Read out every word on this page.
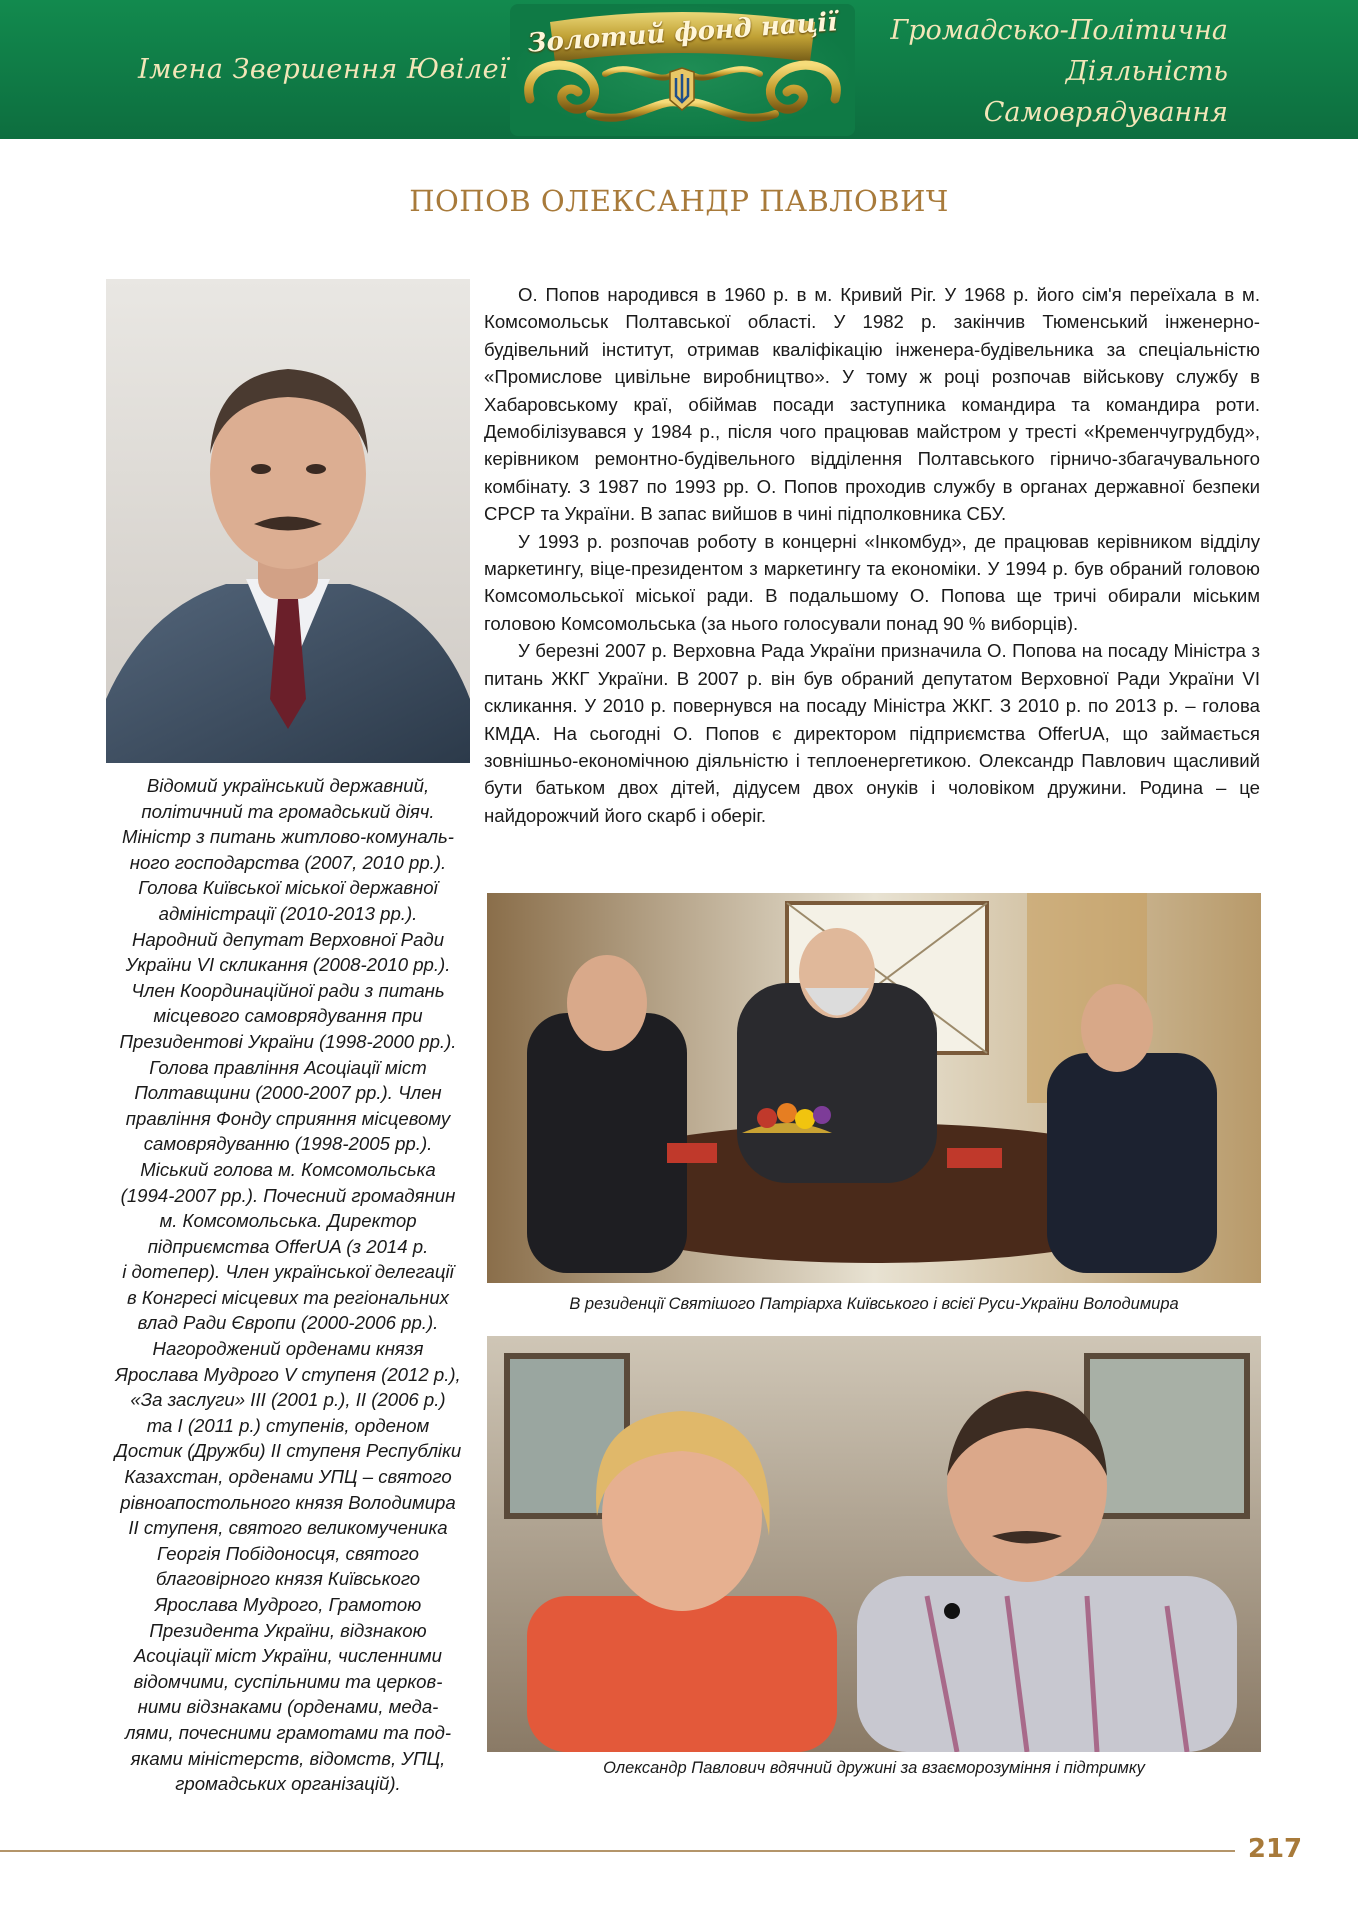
Імена Звершення Ювілеї
Золотий фонд нації	Громадсько-Політична
Діяльність
Самоврядування
ПОПОВ ОЛЕКСАНДР ПАВЛОВИЧ
Відомий український державний,
політичний та громадський діяч.
Міністр з питань житлово-комуналь-
ного господарства (2007, 2010 рр.).
Голова Київської міської державної
адміністрації (2010-2013 рр.).
Народний депутат Верховної Ради
України VI скликання (2008-2010 рр.).
Член Координаційної ради з питань
місцевого самоврядування при
Президентові України (1998-2000 рр.).
Голова правління Асоціації міст
Полтавщини (2000-2007 рр.). Член
правління Фонду сприяння місцевому
самоврядуванню (1998-2005 рр.).
Міський голова м. Комсомольська
(1994-2007 рр.). Почесний громадянин
м. Комсомольська. Директор
підприємства OfferUA (з 2014 р.
і дотепер). Член української делегації
в Конгресі місцевих та регіональних
влад Ради Європи (2000-2006 рр.).
Нагороджений орденами князя
Ярослава Мудрого V ступеня (2012 р.),
«За заслуги» III (2001 р.), II (2006 р.)
та I (2011 р.) ступенів, орденом
Достик (Дружби) II ступеня Республіки
Казахстан, орденами УПЦ – святого
рівноапостольного князя Володимира
II ступеня, святого великомученика
Георгія Побідоносця, святого
благовірного князя Київського
Ярослава Мудрого, Грамотою
Президента України, відзнакою
Асоціації міст України, численними
відомчими, суспільними та церков-
ними відзнаками (орденами, меда-
лями, почесними грамотами та под-
яками міністерств, відомств, УПЦ,
громадських організацій).

О. Попов народився в 1960 р. в м. Кривий Ріг. У 1968 р. його сім'я переїхала в м. Комсомольськ Полтавської області. У 1982 р. закінчив Тюменський інженерно-будівельний інститут, отримав кваліфікацію інженера-будівельника за спеціальністю «Промислове цивільне виробництво». У тому ж році розпочав військову службу в Хабаровському краї, обіймав посади заступника командира та командира роти. Демобілізувався у 1984 р., після чого працював майстром у тресті «Кременчугрудбуд», керівником ремонтно-будівельного відділення Полтавського гірничо-збагачувального комбінату. З 1987 по 1993 рр. О. Попов проходив службу в органах державної безпеки СРСР та України. В запас вийшов в чині підполковника СБУ.

У 1993 р. розпочав роботу в концерні «Інкомбуд», де працював керівником відділу маркетингу, віце-президентом з маркетингу та економіки. У 1994 р. був обраний головою Комсомольської міської ради. В подальшому О. Попова ще тричі обирали міським головою Комсомольська (за нього голосували понад 90 % виборців).

У березні 2007 р. Верховна Рада України призначила О. Попова на посаду Міністра з питань ЖКГ України. В 2007 р. він був обраний депутатом Верховної Ради України VI скликання. У 2010 р. повернувся на посаду Міністра ЖКГ. З 2010 р. по 2013 р. – голова КМДА. На сьогодні О. Попов є директором підприємства OfferUA, що займається зовнішньо-економічною діяльністю і теплоенергетикою. Олександр Павлович щасливий бути батьком двох дітей, дідусем двох онуків і чоловіком дружини. Родина – це найдорожчий його скарб і оберіг.

В резиденції Святішого Патріарха Київського і всієї Руси-України Володимира
Олександр Павлович вдячний дружині за взаєморозуміння і підтримку
217
